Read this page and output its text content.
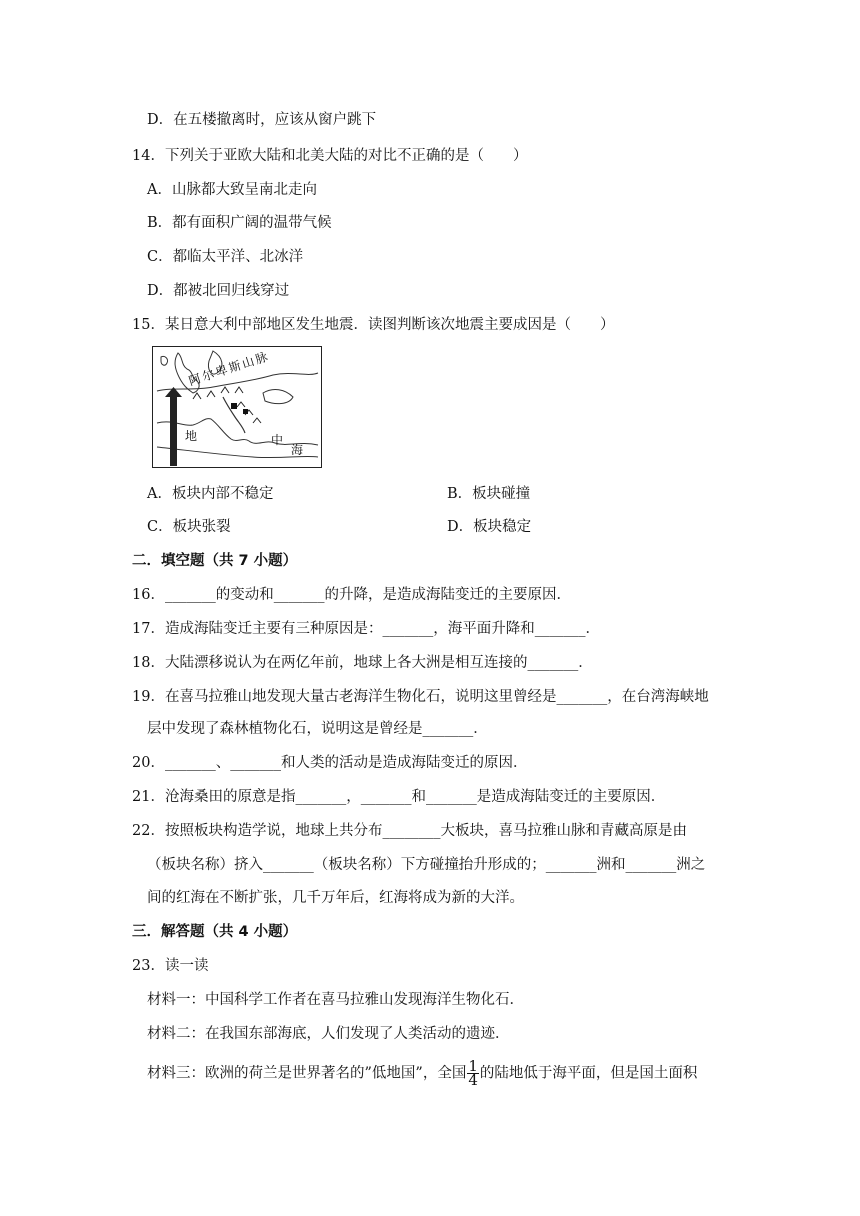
D．在五楼撤离时，应该从窗户跳下
14．下列关于亚欧大陆和北美大陆的对比不正确的是（　　）
A．山脉都大致呈南北走向
B．都有面积广阔的温带气候
C．都临太平洋、北冰洋
D．都被北回归线穿过
15．某日意大利中部地区发生地震．读图判断该次地震主要成因是（　　）
阿尔卑斯山脉
地	中
海
A．板块内部不稳定	B．板块碰撞
C．板块张裂	D．板块稳定
二．填空题（共 7 小题）
16．_______的变动和_______的升降，是造成海陆变迁的主要原因．
17．造成海陆变迁主要有三种原因是：_______，海平面升降和_______．
18．大陆漂移说认为在两亿年前，地球上各大洲是相互连接的_______．
19．在喜马拉雅山地发现大量古老海洋生物化石，说明这里曾经是_______，在台湾海峡地
层中发现了森林植物化石，说明这是曾经是_______．
20．_______、_______和人类的活动是造成海陆变迁的原因．
21．沧海桑田的原意是指_______，_______和_______是造成海陆变迁的主要原因．
22．按照板块构造学说，地球上共分布________大板块，喜马拉雅山脉和青藏高原是由
（板块名称）挤入_______（板块名称）下方碰撞抬升形成的；_______洲和_______洲之
间的红海在不断扩张，几千万年后，红海将成为新的大洋。
三．解答题（共 4 小题）
23．读一读
材料一：中国科学工作者在喜马拉雅山发现海洋生物化石．
材料二：在我国东部海底，人们发现了人类活动的遗迹．
材料三：欧洲的荷兰是世界著名的”低地国”，全国 $\frac{1}{4}$ 的陆地低于海平面，但是国土面积
